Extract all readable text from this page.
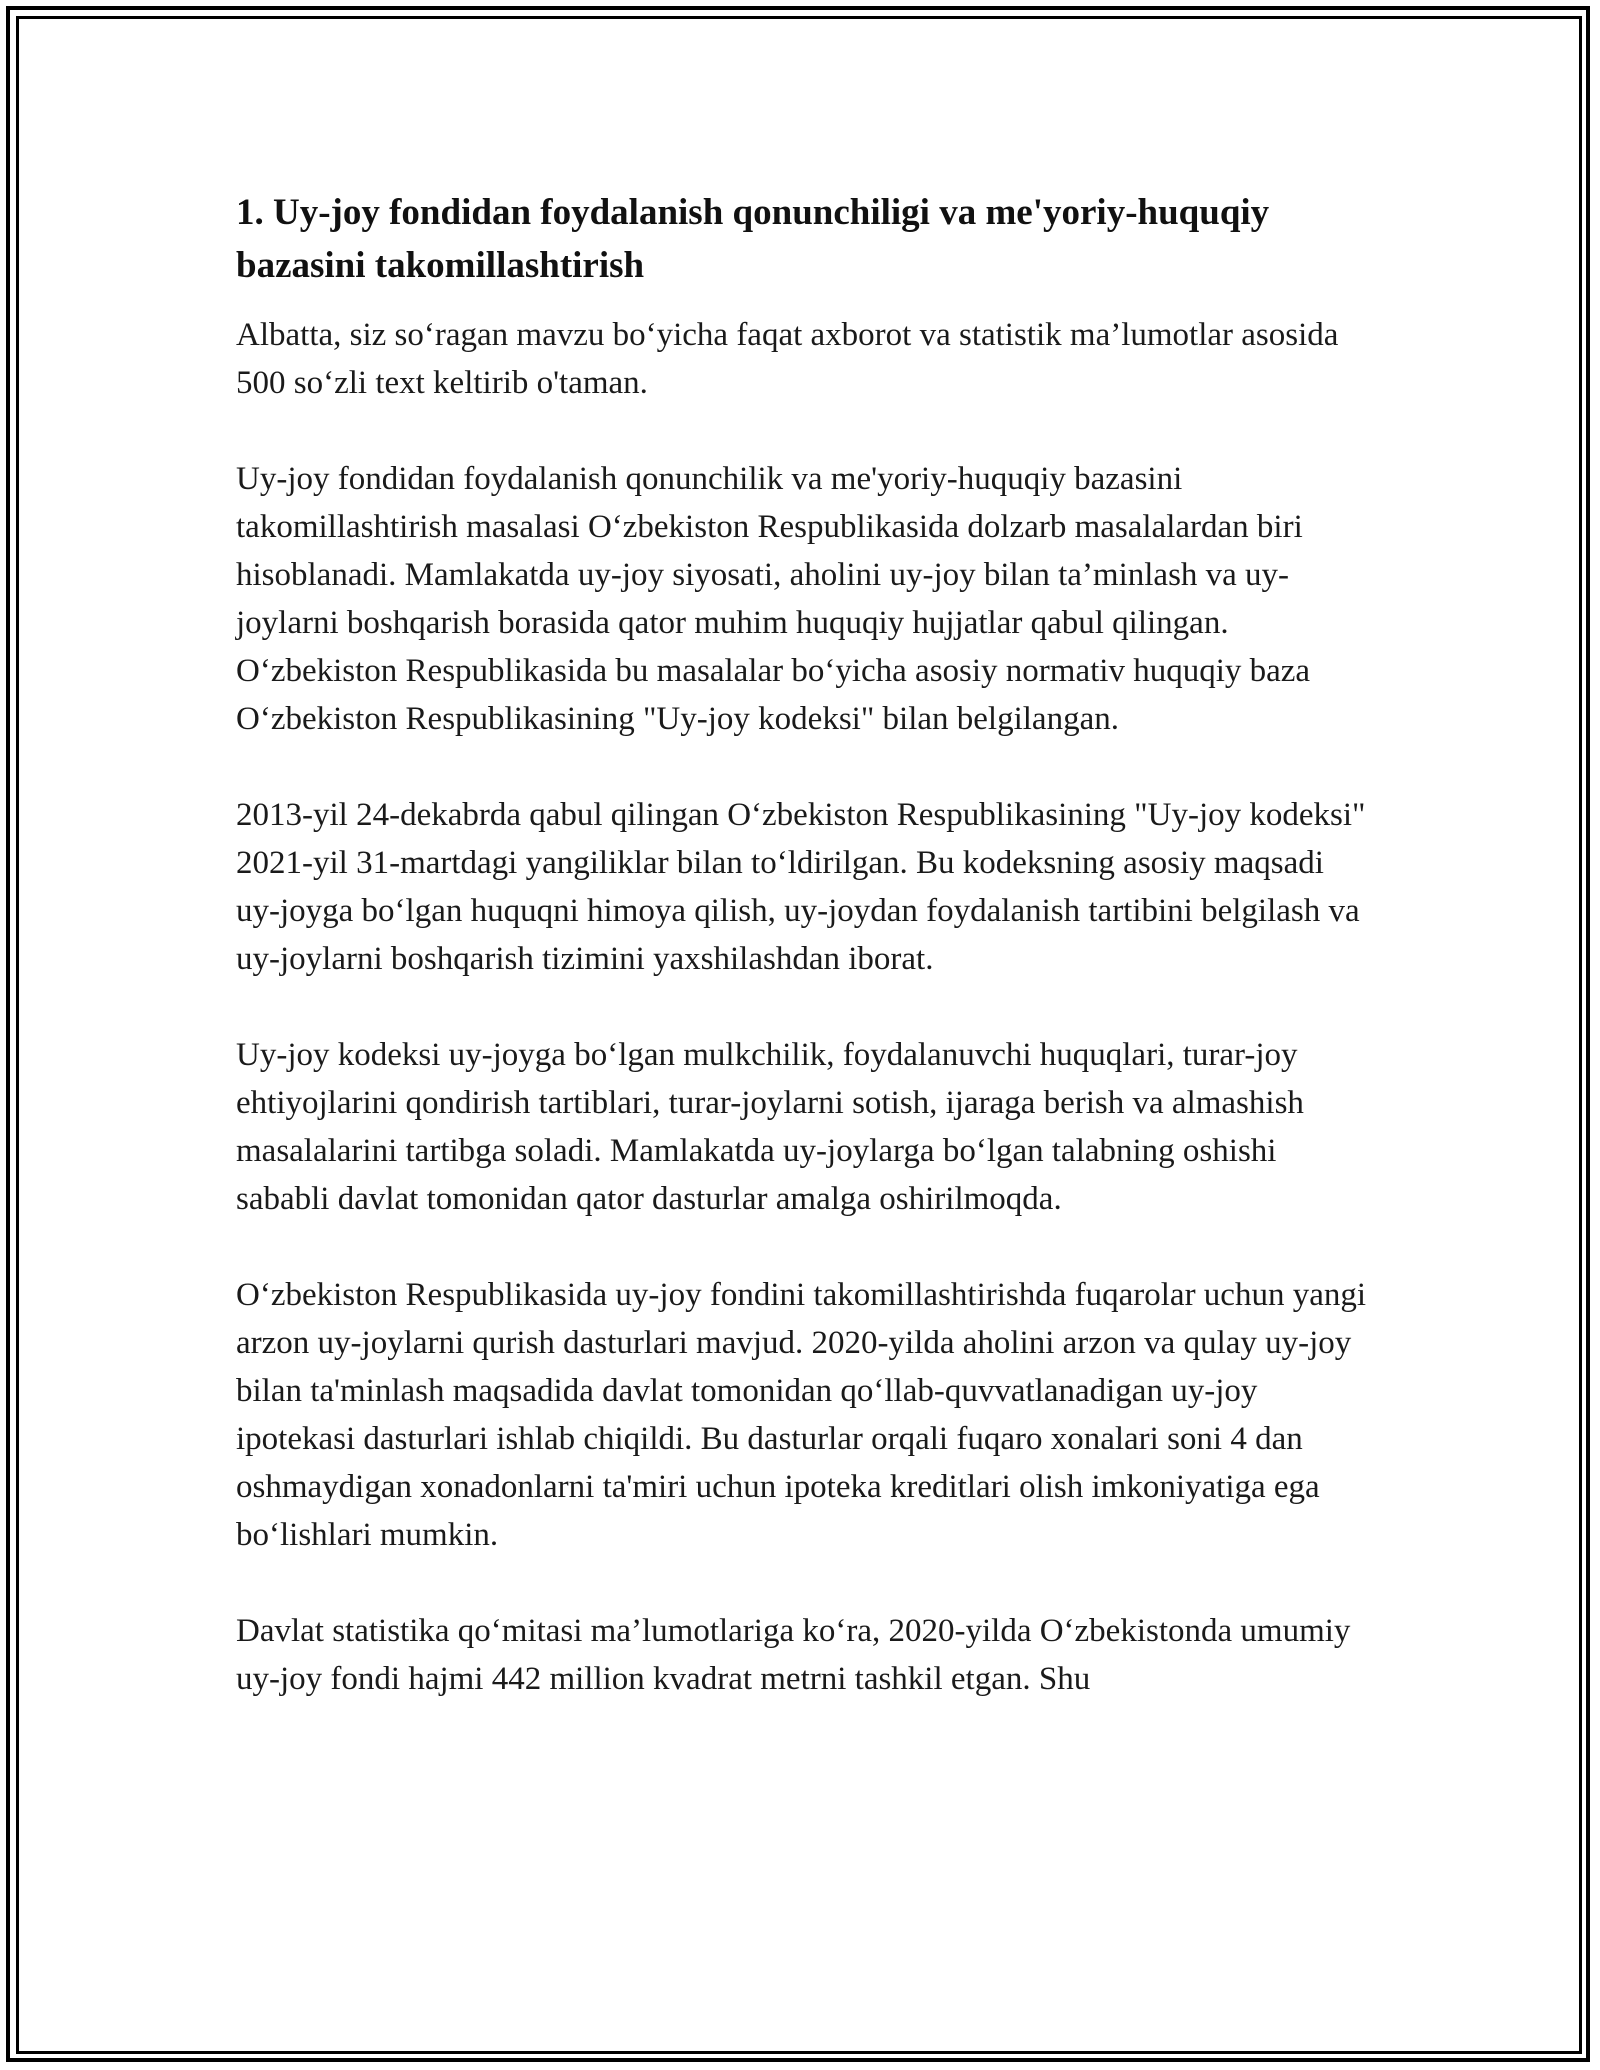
1. Uy-joy fondidan foydalanish qonunchiligi va me'yoriy-huquqiy bazasini takomillashtirish

Albatta, siz so‘ragan mavzu bo‘yicha faqat axborot va statistik ma’lumotlar asosida 500 so‘zli text keltirib o'taman.

Uy-joy fondidan foydalanish qonunchilik va me'yoriy-huquqiy bazasini takomillashtirish masalasi O‘zbekiston Respublikasida dolzarb masalalardan biri hisoblanadi. Mamlakatda uy-joy siyosati, aholini uy-joy bilan ta’minlash va uy-joylarni boshqarish borasida qator muhim huquqiy hujjatlar qabul qilingan. O‘zbekiston Respublikasida bu masalalar bo‘yicha asosiy normativ huquqiy baza O‘zbekiston Respublikasining "Uy-joy kodeksi" bilan belgilangan.

2013-yil 24-dekabrda qabul qilingan O‘zbekiston Respublikasining "Uy-joy kodeksi" 2021-yil 31-martdagi yangiliklar bilan to‘ldirilgan. Bu kodeksning asosiy maqsadi uy-joyga bo‘lgan huquqni himoya qilish, uy-joydan foydalanish tartibini belgilash va uy-joylarni boshqarish tizimini yaxshilashdan iborat.

Uy-joy kodeksi uy-joyga bo‘lgan mulkchilik, foydalanuvchi huquqlari, turar-joy ehtiyojlarini qondirish tartiblari, turar-joylarni sotish, ijaraga berish va almashish masalalarini tartibga soladi. Mamlakatda uy-joylarga bo‘lgan talabning oshishi sababli davlat tomonidan qator dasturlar amalga oshirilmoqda.

O‘zbekiston Respublikasida uy-joy fondini takomillashtirishda fuqarolar uchun yangi arzon uy-joylarni qurish dasturlari mavjud. 2020-yilda aholini arzon va qulay uy-joy bilan ta'minlash maqsadida davlat tomonidan qo‘llab-quvvatlanadigan uy-joy ipotekasi dasturlari ishlab chiqildi. Bu dasturlar orqali fuqaro xonalari soni 4 dan oshmaydigan xonadonlarni ta'miri uchun ipoteka kreditlari olish imkoniyatiga ega bo‘lishlari mumkin.

Davlat statistika qo‘mitasi ma’lumotlariga ko‘ra, 2020-yilda O‘zbekistonda umumiy uy-joy fondi hajmi 442 million kvadrat metrni tashkil etgan. Shu
